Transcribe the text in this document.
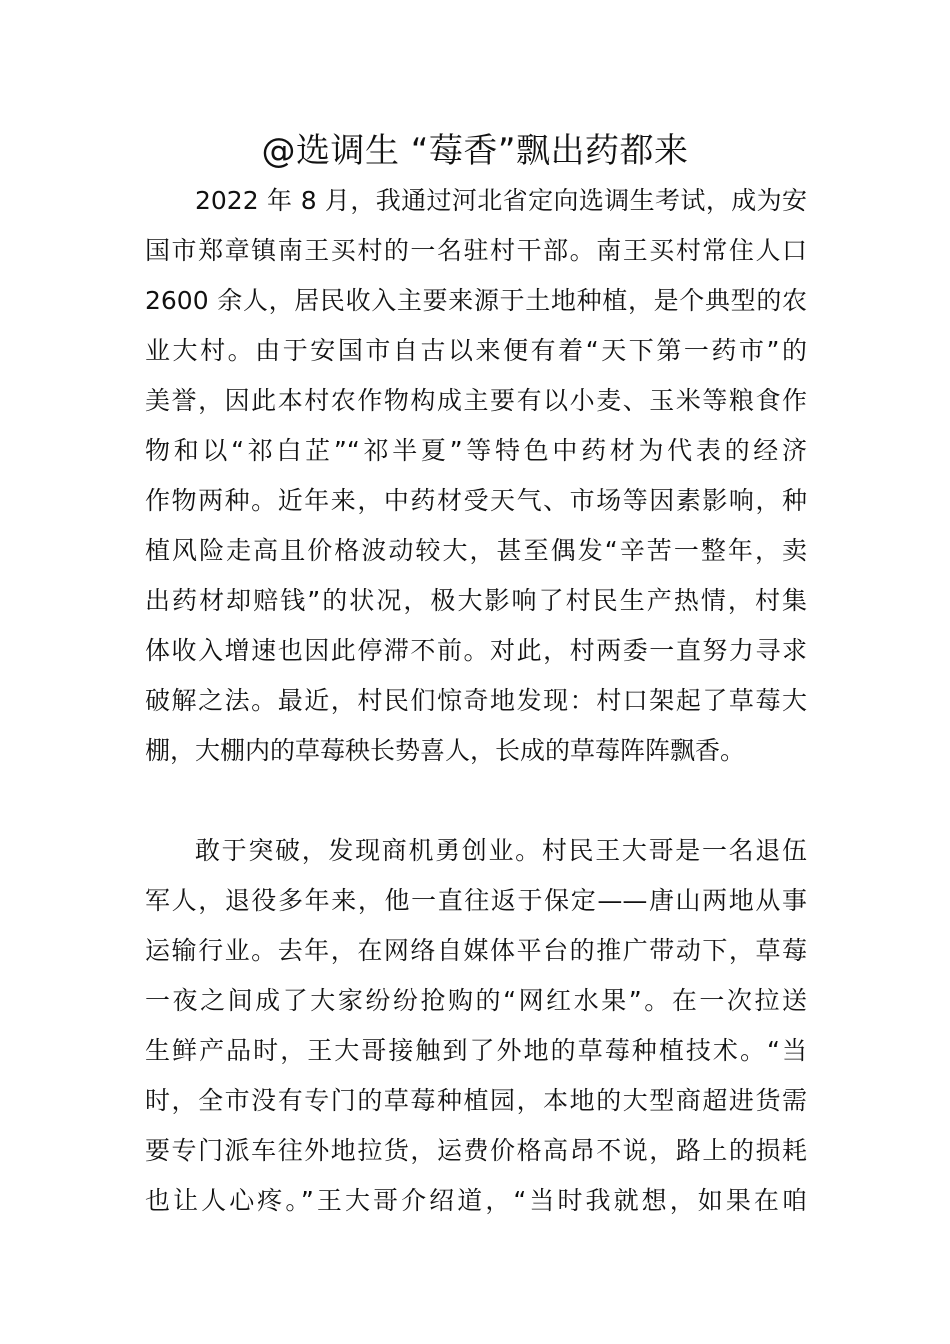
@选调生 “莓香”飘出药都来
2022 年 8 月，我通过河北省定向选调生考试，成为安
国市郑章镇南王买村的一名驻村干部。南王买村常住人口
2600 余人，居民收入主要来源于土地种植，是个典型的农
业大村。由于安国市自古以来便有着“天下第一药市”的
美誉，因此本村农作物构成主要有以小麦、玉米等粮食作
物和以“祁白芷”“祁半夏”等特色中药材为代表的经济
作物两种。近年来，中药材受天气、市场等因素影响，种
植风险走高且价格波动较大，甚至偶发“辛苦一整年，卖
出药材却赔钱”的状况，极大影响了村民生产热情，村集
体收入增速也因此停滞不前。对此，村两委一直努力寻求
破解之法。最近，村民们惊奇地发现：村口架起了草莓大
棚，大棚内的草莓秧长势喜人，长成的草莓阵阵飘香。
敢于突破，发现商机勇创业。村民王大哥是一名退伍
军人，退役多年来，他一直往返于保定——唐山两地从事
运输行业。去年，在网络自媒体平台的推广带动下，草莓
一夜之间成了大家纷纷抢购的“网红水果”。在一次拉送
生鲜产品时，王大哥接触到了外地的草莓种植技术。“当
时，全市没有专门的草莓种植园，本地的大型商超进货需
要专门派车往外地拉货，运费价格高昂不说，路上的损耗
也让人心疼。”王大哥介绍道，“当时我就想，如果在咱
